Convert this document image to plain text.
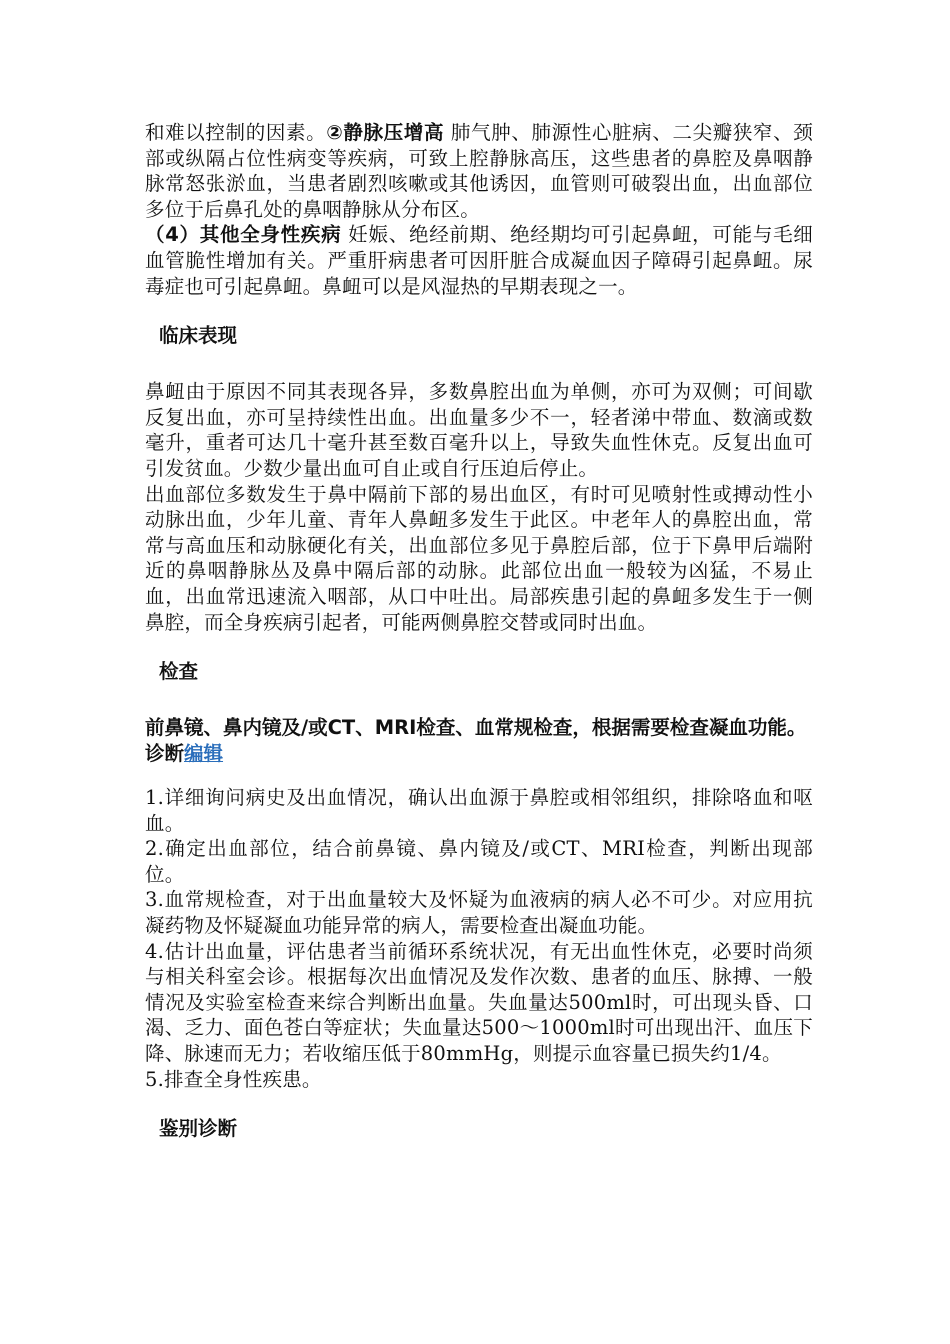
和难以控制的因素。②静脉压增高 肺气肿、肺源性心脏病、二尖瓣狭窄、颈部或纵隔占位性病变等疾病，可致上腔静脉高压，这些患者的鼻腔及鼻咽静脉常怒张淤血，当患者剧烈咳嗽或其他诱因，血管则可破裂出血，出血部位多位于后鼻孔处的鼻咽静脉从分布区。

（4）其他全身性疾病 妊娠、绝经前期、绝经期均可引起鼻衄，可能与毛细血管脆性增加有关。严重肝病患者可因肝脏合成凝血因子障碍引起鼻衄。尿毒症也可引起鼻衄。鼻衄可以是风湿热的早期表现之一。

临床表现

鼻衄由于原因不同其表现各异，多数鼻腔出血为单侧，亦可为双侧；可间歇反复出血，亦可呈持续性出血。出血量多少不一，轻者涕中带血、数滴或数毫升，重者可达几十毫升甚至数百毫升以上，导致失血性休克。反复出血可引发贫血。少数少量出血可自止或自行压迫后停止。

出血部位多数发生于鼻中隔前下部的易出血区，有时可见喷射性或搏动性小动脉出血，少年儿童、青年人鼻衄多发生于此区。中老年人的鼻腔出血，常常与高血压和动脉硬化有关，出血部位多见于鼻腔后部，位于下鼻甲后端附近的鼻咽静脉丛及鼻中隔后部的动脉。此部位出血一般较为凶猛，不易止血，出血常迅速流入咽部，从口中吐出。局部疾患引起的鼻衄多发生于一侧鼻腔，而全身疾病引起者，可能两侧鼻腔交替或同时出血。

检查

前鼻镜、鼻内镜及/或CT、MRI检查、血常规检查，根据需要检查凝血功能。诊断编辑

1.详细询问病史及出血情况，确认出血源于鼻腔或相邻组织，排除咯血和呕血。

2.确定出血部位，结合前鼻镜、鼻内镜及/或CT、MRI检查，判断出现部位。

3.血常规检查，对于出血量较大及怀疑为血液病的病人必不可少。对应用抗凝药物及怀疑凝血功能异常的病人，需要检查出凝血功能。

4.估计出血量，评估患者当前循环系统状况，有无出血性休克，必要时尚须与相关科室会诊。根据每次出血情况及发作次数、患者的血压、脉搏、一般情况及实验室检查来综合判断出血量。失血量达500ml时，可出现头昏、口渴、乏力、面色苍白等症状；失血量达500～1000ml时可出现出汗、血压下降、脉速而无力；若收缩压低于80mmHg，则提示血容量已损失约1/4。

5.排查全身性疾患。

鉴别诊断
